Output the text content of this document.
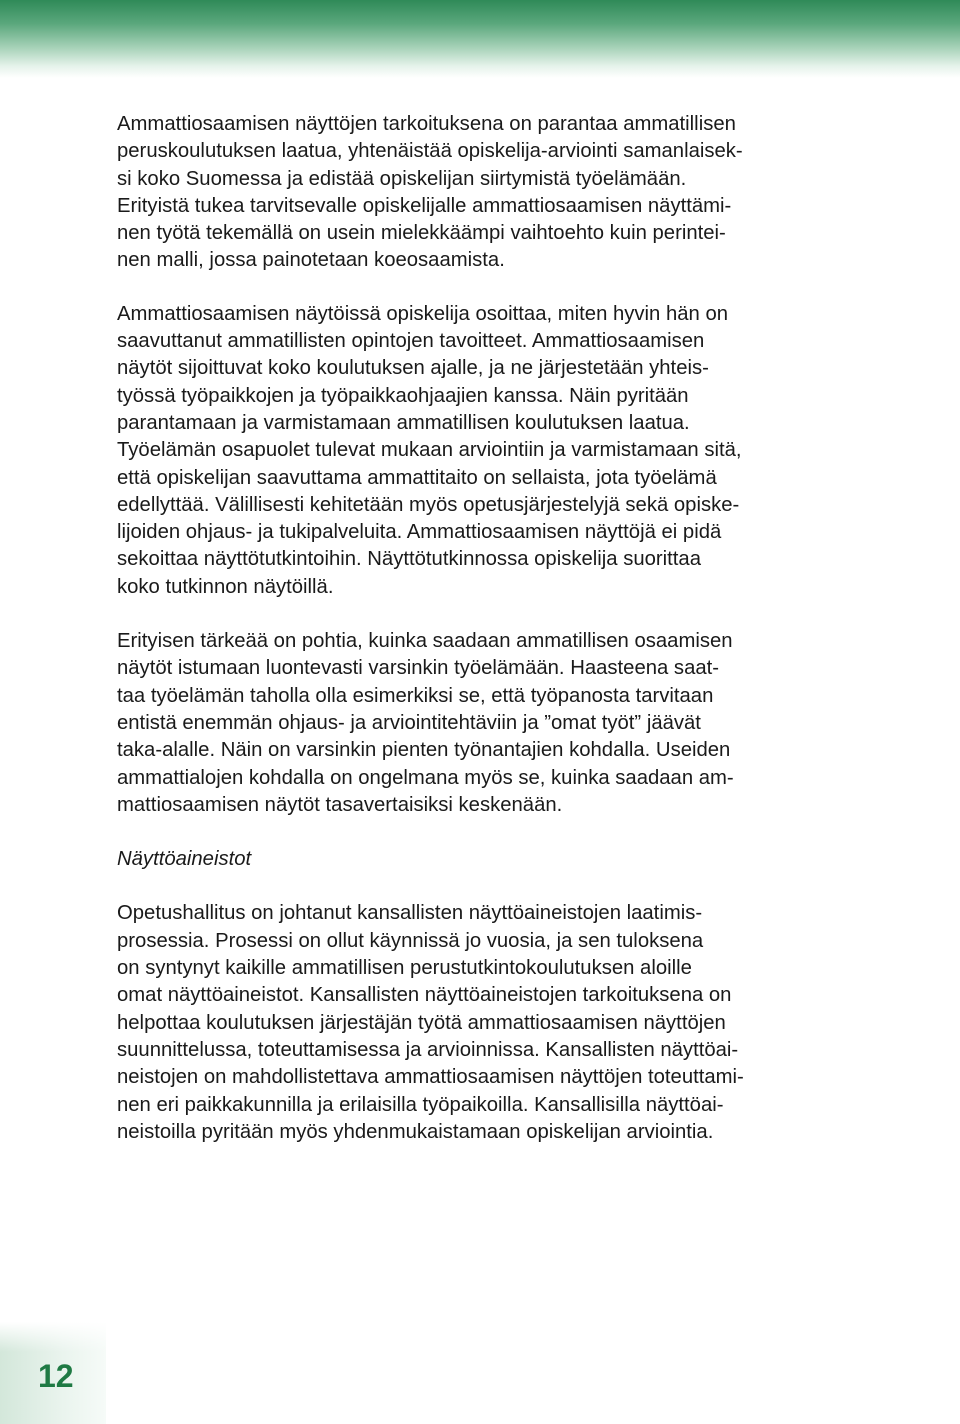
Ammattiosaamisen näyttöjen tarkoituksena on parantaa ammatillisen
peruskoulutuksen laatua, yhtenäistää opiskelija-arviointi samanlaisek-
si koko Suomessa ja edistää opiskelijan siirtymistä työelämään.
Erityistä tukea tarvitsevalle opiskelijalle ammattiosaamisen näyttämi-
nen työtä tekemällä on usein mielekkäämpi vaihtoehto kuin perintei-
nen malli, jossa painotetaan koeosaamista.

Ammattiosaamisen näytöissä opiskelija osoittaa, miten hyvin hän on
saavuttanut ammatillisten opintojen tavoitteet. Ammattiosaamisen
näytöt sijoittuvat koko koulutuksen ajalle, ja ne järjestetään yhteis-
työssä työpaikkojen ja työpaikkaohjaajien kanssa. Näin pyritään
parantamaan ja varmistamaan ammatillisen koulutuksen laatua.
Työelämän osapuolet tulevat mukaan arviointiin ja varmistamaan sitä,
että opiskelijan saavuttama ammattitaito on sellaista, jota työelämä
edellyttää. Välillisesti kehitetään myös opetusjärjestelyjä sekä opiske-
lijoiden ohjaus- ja tukipalveluita. Ammattiosaamisen näyttöjä ei pidä
sekoittaa näyttötutkintoihin. Näyttötutkinnossa opiskelija suorittaa
koko tutkinnon näytöillä.

Erityisen tärkeää on pohtia, kuinka saadaan ammatillisen osaamisen
näytöt istumaan luontevasti varsinkin työelämään. Haasteena saat-
taa työelämän taholla olla esimerkiksi se, että työpanosta tarvitaan
entistä enemmän ohjaus- ja arviointitehtäviin ja ”omat työt” jäävät
taka-alalle. Näin on varsinkin pienten työnantajien kohdalla. Useiden
ammattialojen kohdalla on ongelmana myös se, kuinka saadaan am-
mattiosaamisen näytöt tasavertaisiksi keskenään.

Näyttöaineistot

Opetushallitus on johtanut kansallisten näyttöaineistojen laatimis-
prosessia. Prosessi on ollut käynnissä jo vuosia, ja sen tuloksena
on syntynyt kaikille ammatillisen perustutkintokoulutuksen aloille
omat näyttöaineistot. Kansallisten näyttöaineistojen tarkoituksena on
helpottaa koulutuksen järjestäjän työtä ammattiosaamisen näyttöjen
suunnittelussa, toteuttamisessa ja arvioinnissa. Kansallisten näyttöai-
neistojen on mahdollistettava ammattiosaamisen näyttöjen toteuttami-
nen eri paikkakunnilla ja erilaisilla työpaikoilla. Kansallisilla näyttöai-
neistoilla pyritään myös yhdenmukaistamaan opiskelijan arviointia.

12
